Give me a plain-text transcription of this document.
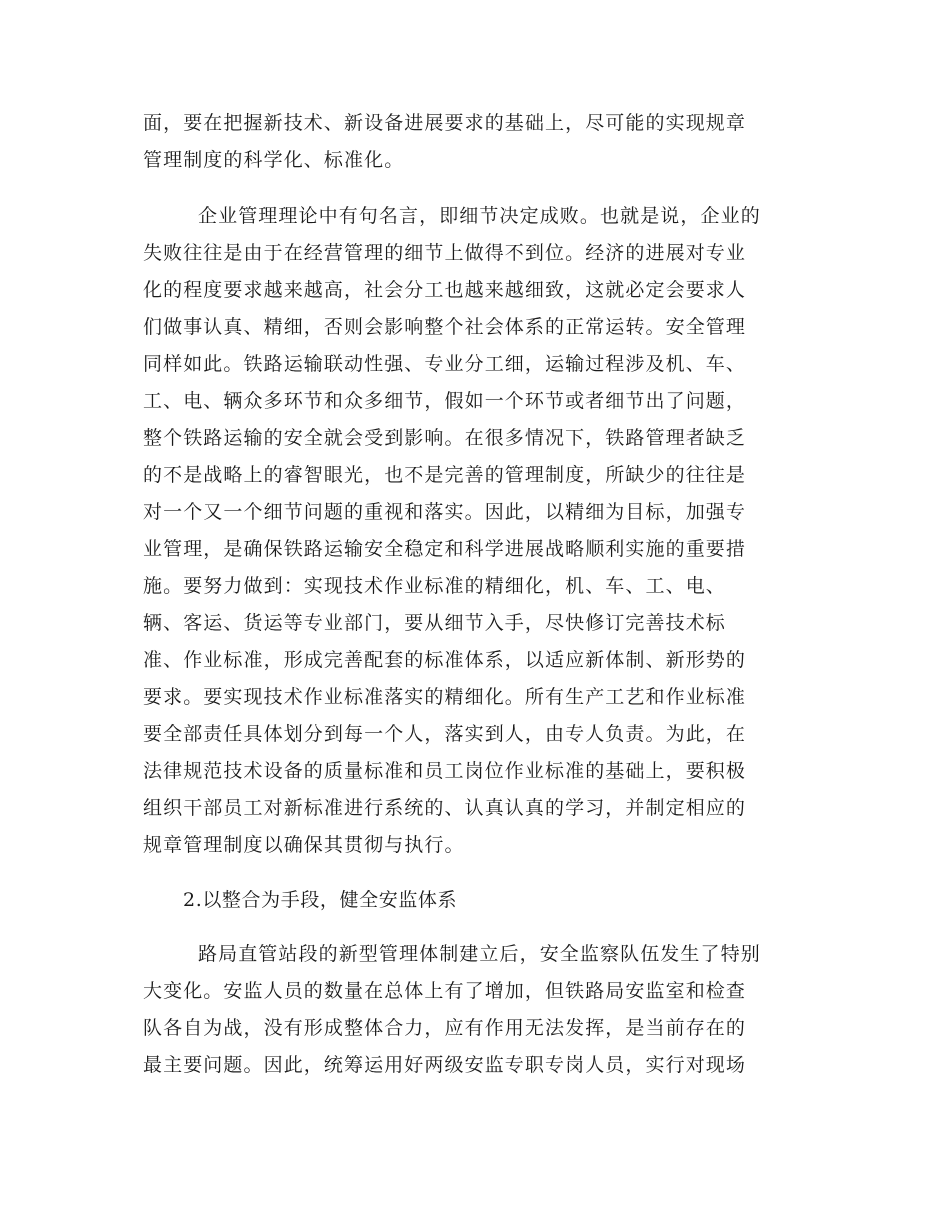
面，要在把握新技术、新设备进展要求的基础上，尽可能的实现规章
管理制度的科学化、标准化。
企业管理理论中有句名言，即细节决定成败。也就是说，企业的
失败往往是由于在经营管理的细节上做得不到位。经济的进展对专业
化的程度要求越来越高，社会分工也越来越细致，这就必定会要求人
们做事认真、精细，否则会影响整个社会体系的正常运转。安全管理
同样如此。铁路运输联动性强、专业分工细，运输过程涉及机、车、
工、电、辆众多环节和众多细节，假如一个环节或者细节出了问题，
整个铁路运输的安全就会受到影响。在很多情况下，铁路管理者缺乏
的不是战略上的睿智眼光，也不是完善的管理制度，所缺少的往往是
对一个又一个细节问题的重视和落实。因此，以精细为目标，加强专
业管理，是确保铁路运输安全稳定和科学进展战略顺利实施的重要措
施。要努力做到：实现技术作业标准的精细化，机、车、工、电、
辆、客运、货运等专业部门，要从细节入手，尽快修订完善技术标
准、作业标准，形成完善配套的标准体系，以适应新体制、新形势的
要求。要实现技术作业标准落实的精细化。所有生产工艺和作业标准
要全部责任具体划分到每一个人，落实到人，由专人负责。为此，在
法律规范技术设备的质量标准和员工岗位作业标准的基础上，要积极
组织干部员工对新标准进行系统的、认真认真的学习，并制定相应的
规章管理制度以确保其贯彻与执行。
2.以整合为手段，健全安监体系
路局直管站段的新型管理体制建立后，安全监察队伍发生了特别
大变化。安监人员的数量在总体上有了增加，但铁路局安监室和检查
队各自为战，没有形成整体合力，应有作用无法发挥，是当前存在的
最主要问题。因此，统筹运用好两级安监专职专岗人员，实行对现场
